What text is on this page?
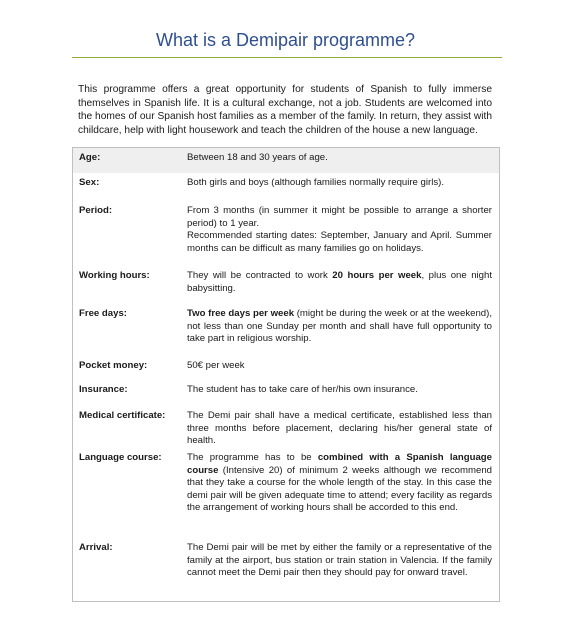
What is a Demipair programme?
This programme offers a great opportunity for students of Spanish to fully immerse themselves in Spanish life. It is a cultural exchange, not a job. Students are welcomed into the homes of our Spanish host families as a member of the family. In return, they assist with childcare, help with light housework and teach the children of the house a new language.
Age:	Between 18 and 30 years of age.
Sex:	Both girls and boys (although families normally require girls).
Period:	From 3 months (in summer it might be possible to arrange a shorter period) to 1 year.
Recommended starting dates: September, January and April. Summer months can be difficult as many families go on holidays.
Working hours:	They will be contracted to work 20 hours per week, plus one night babysitting.
Free days:	Two free days per week (might be during the week or at the weekend), not less than one Sunday per month and shall have full opportunity to take part in religious worship.
Pocket money:	50€ per week
Insurance:	The student has to take care of her/his own insurance.
Medical certificate: The Demi pair shall have a medical certificate, established less than three months before placement, declaring his/her general state of health.
Language course:	The programme has to be combined with a Spanish language course (Intensive 20) of minimum 2 weeks although we recommend that they take a course for the whole length of the stay. In this case the demi pair will be given adequate time to attend; every facility as regards the arrangement of working hours shall be accorded to this end.
Arrival:	The Demi pair will be met by either the family or a representative of the family at the airport, bus station or train station in Valencia. If the family cannot meet the Demi pair then they should pay for onward travel.
